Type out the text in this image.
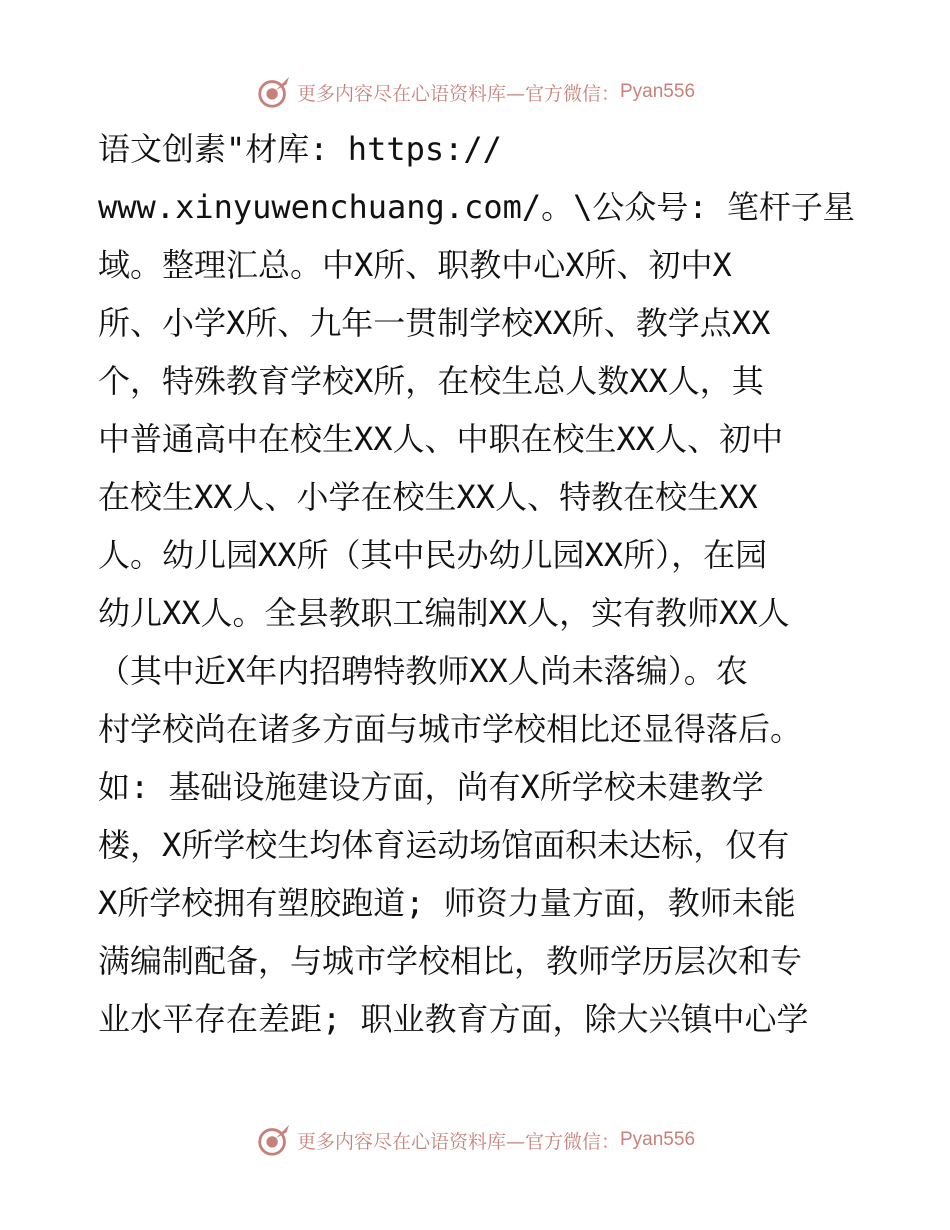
更多内容尽在心语资料库—官方微信： Pyan556
语文创素"材库: https://
www.xinyuwenchuang.com/。\公众号: 笔杆子星
域。整理汇总。中X所、职教中心X所、初中X
所、小学X所、九年一贯制学校XX所、教学点XX
个，特殊教育学校X所，在校生总人数XX人，其
中普通高中在校生XX人、中职在校生XX人、初中
在校生XX人、小学在校生XX人、特教在校生XX
人。幼儿园XX所（其中民办幼儿园XX所），在园
幼儿XX人。全县教职工编制XX人，实有教师XX人
（其中近X年内招聘特教师XX人尚未落编）。农
村学校尚在诸多方面与城市学校相比还显得落后。
如: 基础设施建设方面，尚有X所学校未建教学
楼，X所学校生均体育运动场馆面积未达标，仅有
X所学校拥有塑胶跑道; 师资力量方面，教师未能
满编制配备，与城市学校相比，教师学历层次和专
业水平存在差距; 职业教育方面，除大兴镇中心学
更多内容尽在心语资料库—官方微信： Pyan556
